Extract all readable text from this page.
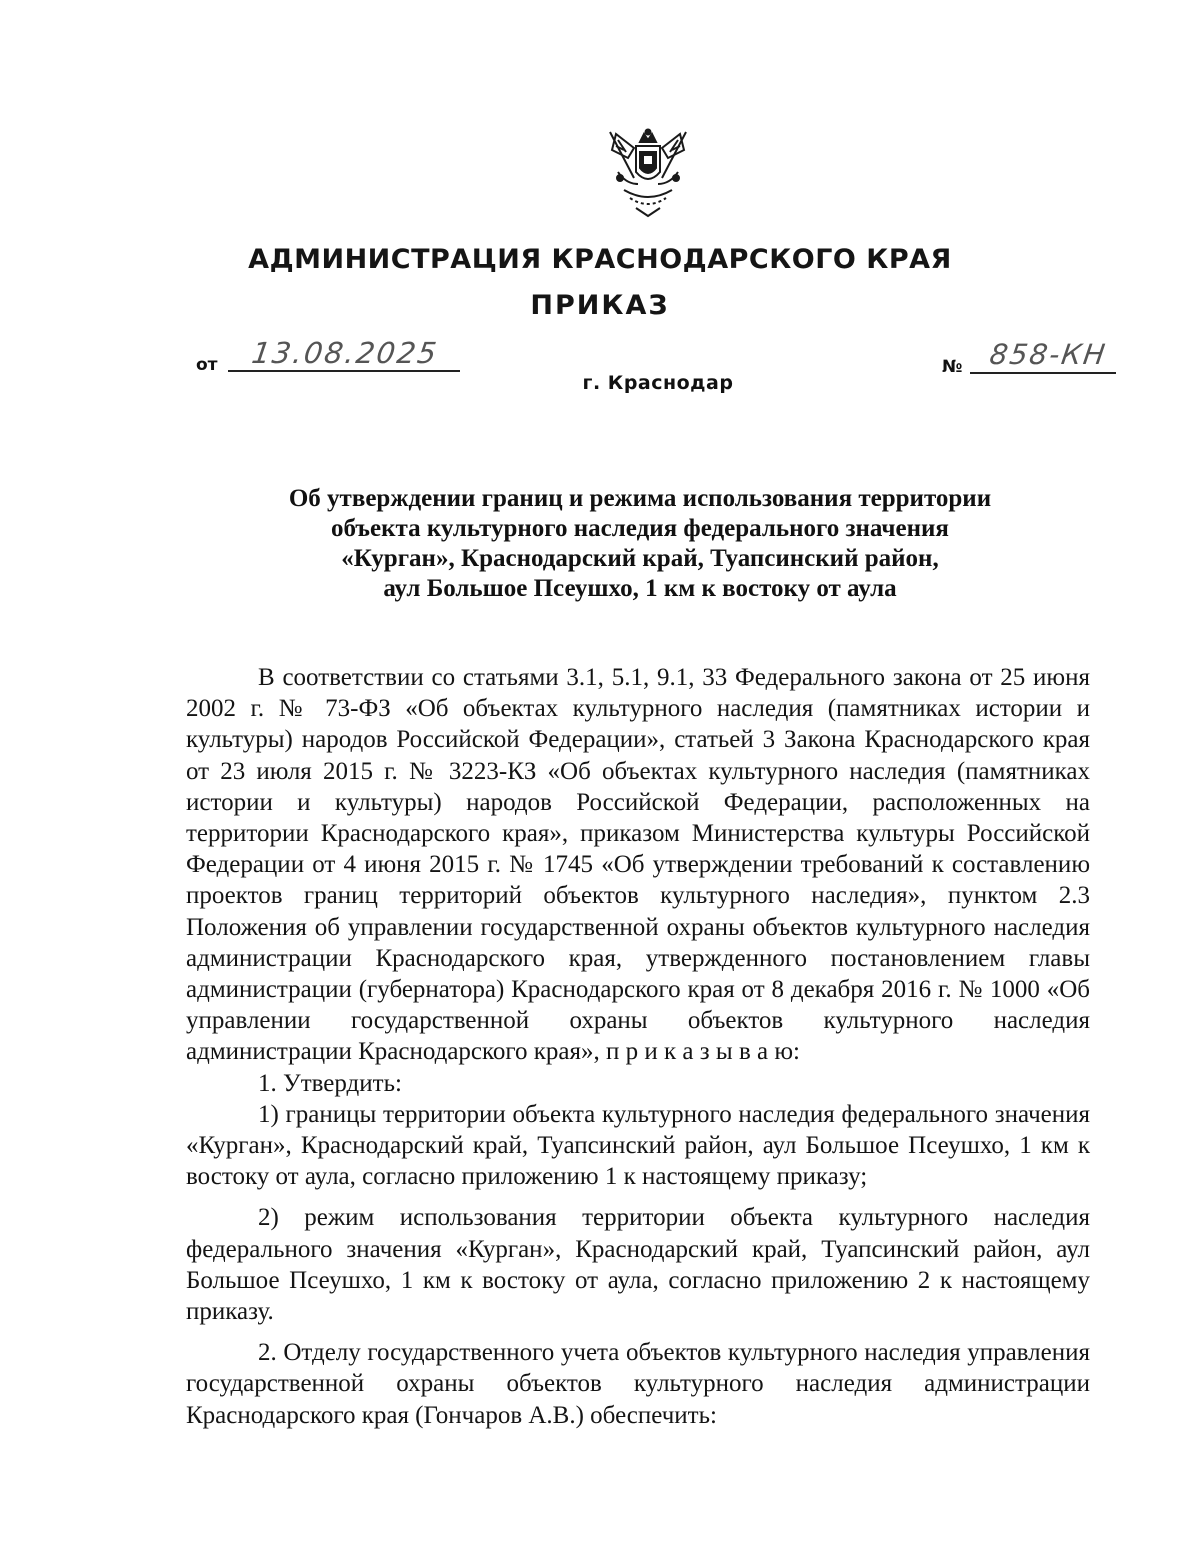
АДМИНИСТРАЦИЯ КРАСНОДАРСКОГО КРАЯ
ПРИКАЗ
от 13.08.2025
г. Краснодар
№ 858-КН
Об утверждении границ и режима использования территории
объекта культурного наследия федерального значения
«Курган», Краснодарский край, Туапсинский район,
аул Большое Псеушхо, 1 км к востоку от аула

В соответствии со статьями 3.1, 5.1, 9.1, 33 Федерального закона от 25 июня 2002 г. № 73-ФЗ «Об объектах культурного наследия (памятниках истории и культуры) народов Российской Федерации», статьей 3 Закона Краснодарского края от 23 июля 2015 г. № 3223-КЗ «Об объектах культурного наследия (памятниках истории и культуры) народов Российской Федерации, расположенных на территории Краснодарского края», приказом Министерства культуры Российской Федерации от 4 июня 2015 г. № 1745 «Об утверждении требований к составлению проектов границ территорий объектов культурного наследия», пунктом 2.3 Положения об управлении государственной охраны объектов культурного наследия администрации Краснодарского края, утвержденного постановлением главы администрации (губернатора) Краснодарского края от 8 декабря 2016 г. № 1000 «Об управлении государственной охраны объектов культурного наследия администрации Краснодарского края», п р и к а з ы в а ю:

1. Утвердить:

1) границы территории объекта культурного наследия федерального значения «Курган», Краснодарский край, Туапсинский район, аул Большое Псеушхо, 1 км к востоку от аула, согласно приложению 1 к настоящему приказу;

2) режим использования территории объекта культурного наследия федерального значения «Курган», Краснодарский край, Туапсинский район, аул Большое Псеушхо, 1 км к востоку от аула, согласно приложению 2 к настоящему приказу.

2. Отделу государственного учета объектов культурного наследия управления государственной охраны объектов культурного наследия администрации Краснодарского края (Гончаров А.В.) обеспечить:
